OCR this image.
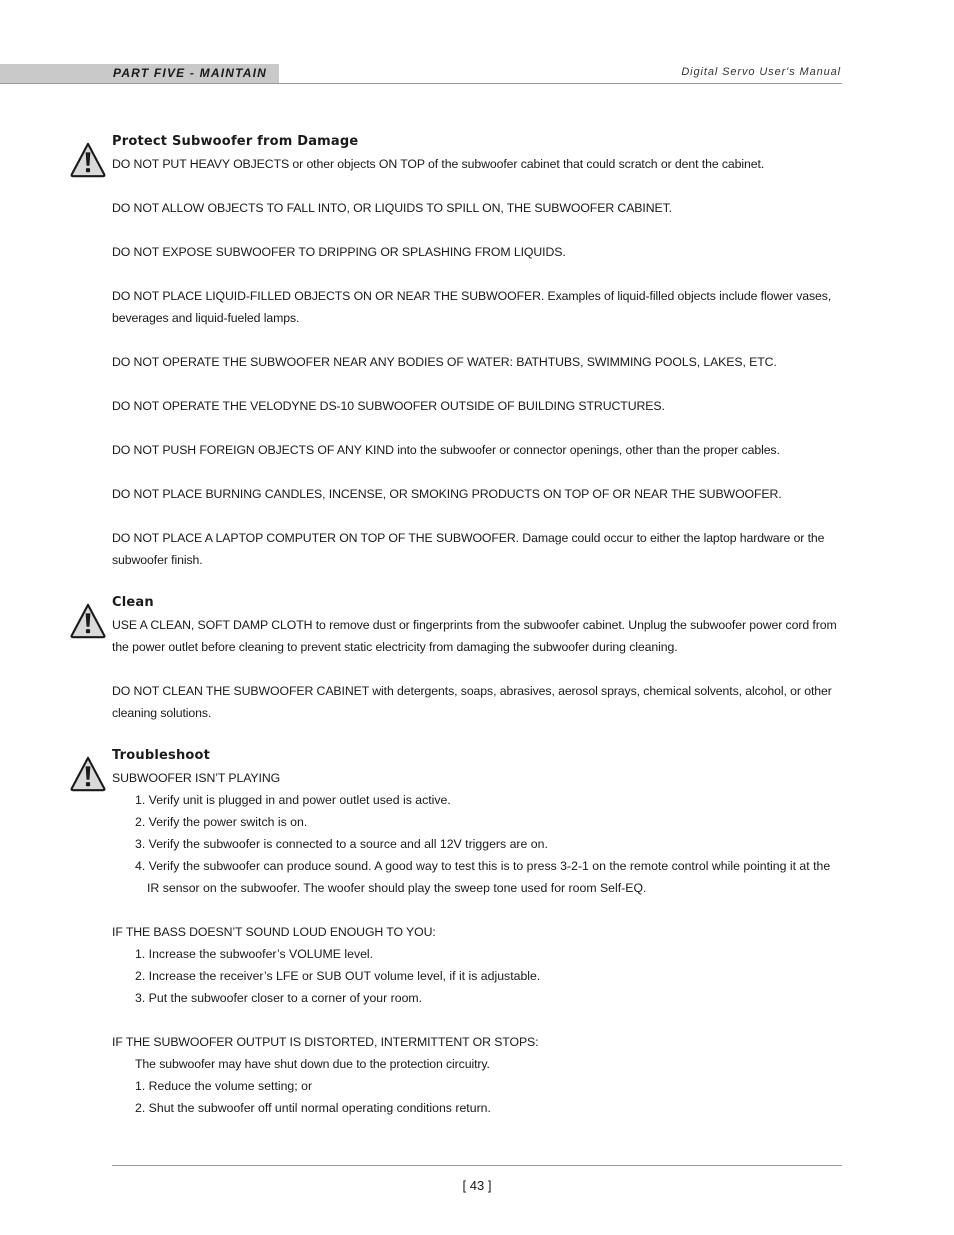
PART FIVE - MAINTAIN	Digital Servo User's Manual
Protect Subwoofer from Damage

DO NOT PUT HEAVY OBJECTS or other objects ON TOP of the subwoofer cabinet that could scratch or dent the cabinet.

DO NOT ALLOW OBJECTS TO FALL INTO, OR LIQUIDS TO SPILL ON, THE SUBWOOFER CABINET.

DO NOT EXPOSE SUBWOOFER TO DRIPPING OR SPLASHING FROM LIQUIDS.

DO NOT PLACE LIQUID-FILLED OBJECTS ON OR NEAR THE SUBWOOFER. Examples of liquid-filled objects include flower vases, beverages and liquid-fueled lamps.

DO NOT OPERATE THE SUBWOOFER NEAR ANY BODIES OF WATER: BATHTUBS, SWIMMING POOLS, LAKES, ETC.

DO NOT OPERATE THE VELODYNE DS-10 SUBWOOFER OUTSIDE OF BUILDING STRUCTURES.

DO NOT PUSH FOREIGN OBJECTS OF ANY KIND into the subwoofer or connector openings, other than the proper cables.

DO NOT PLACE BURNING CANDLES, INCENSE, OR SMOKING PRODUCTS ON TOP OF OR NEAR THE SUBWOOFER.

DO NOT PLACE A LAPTOP COMPUTER ON TOP OF THE SUBWOOFER. Damage could occur to either the laptop hardware or the subwoofer finish.

Clean

USE A CLEAN, SOFT DAMP CLOTH to remove dust or fingerprints from the subwoofer cabinet. Unplug the subwoofer power cord from the power outlet before cleaning to prevent static electricity from damaging the subwoofer during cleaning.

DO NOT CLEAN THE SUBWOOFER CABINET with detergents, soaps, abrasives, aerosol sprays, chemical solvents, alcohol, or other cleaning solutions.

Troubleshoot

SUBWOOFER ISN’T PLAYING

1. Verify unit is plugged in and power outlet used is active.
2. Verify the power switch is on.
3. Verify the subwoofer is connected to a source and all 12V triggers are on.
4. Verify the subwoofer can produce sound. A good way to test this is to press 3-2-1 on the remote control while pointing it at the IR sensor on the subwoofer. The woofer should play the sweep tone used for room Self-EQ.

IF THE BASS DOESN’T SOUND LOUD ENOUGH TO YOU:

1. Increase the subwoofer’s VOLUME level.
2. Increase the receiver’s LFE or SUB OUT volume level, if it is adjustable.
3. Put the subwoofer closer to a corner of your room.

IF THE SUBWOOFER OUTPUT IS DISTORTED, INTERMITTENT OR STOPS:

The subwoofer may have shut down due to the protection circuitry.

1. Reduce the volume setting; or
2. Shut the subwoofer off until normal operating conditions return.
[ 43 ]
